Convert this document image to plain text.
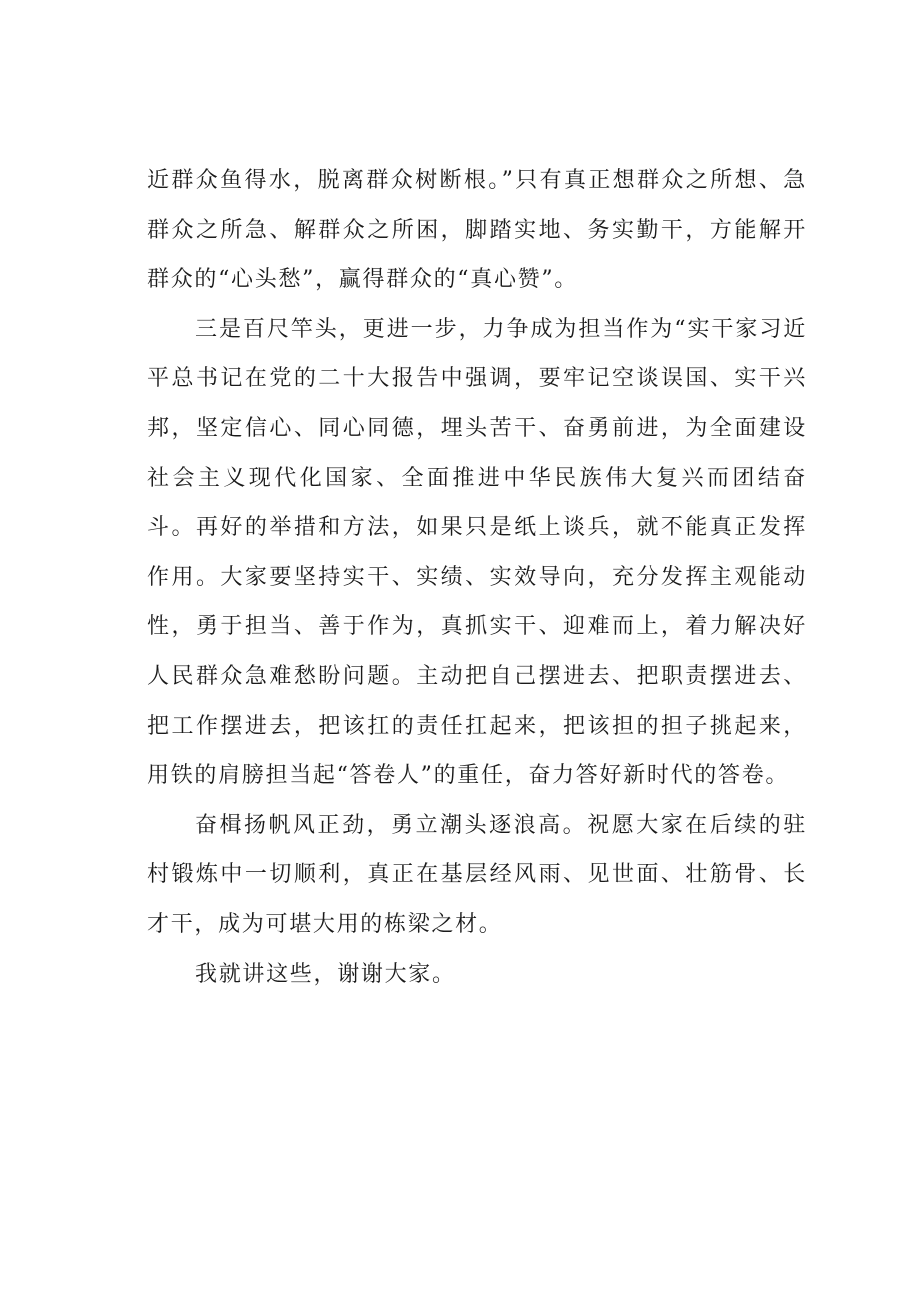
近群众鱼得水，脱离群众树断根。”只有真正想群众之所想、急群众之所急、解群众之所困，脚踏实地、务实勤干，方能解开群众的“心头愁”，赢得群众的“真心赞”。

三是百尺竿头，更进一步，力争成为担当作为“实干家习近平总书记在党的二十大报告中强调，要牢记空谈误国、实干兴邦，坚定信心、同心同德，埋头苦干、奋勇前进，为全面建设社会主义现代化国家、全面推进中华民族伟大复兴而团结奋斗。再好的举措和方法，如果只是纸上谈兵，就不能真正发挥作用。大家要坚持实干、实绩、实效导向，充分发挥主观能动性，勇于担当、善于作为，真抓实干、迎难而上，着力解决好人民群众急难愁盼问题。主动把自己摆进去、把职责摆进去、把工作摆进去，把该扛的责任扛起来，把该担的担子挑起来，用铁的肩膀担当起“答卷人”的重任，奋力答好新时代的答卷。

奋楫扬帆风正劲，勇立潮头逐浪高。祝愿大家在后续的驻村锻炼中一切顺利，真正在基层经风雨、见世面、壮筋骨、长才干，成为可堪大用的栋梁之材。

我就讲这些，谢谢大家。
